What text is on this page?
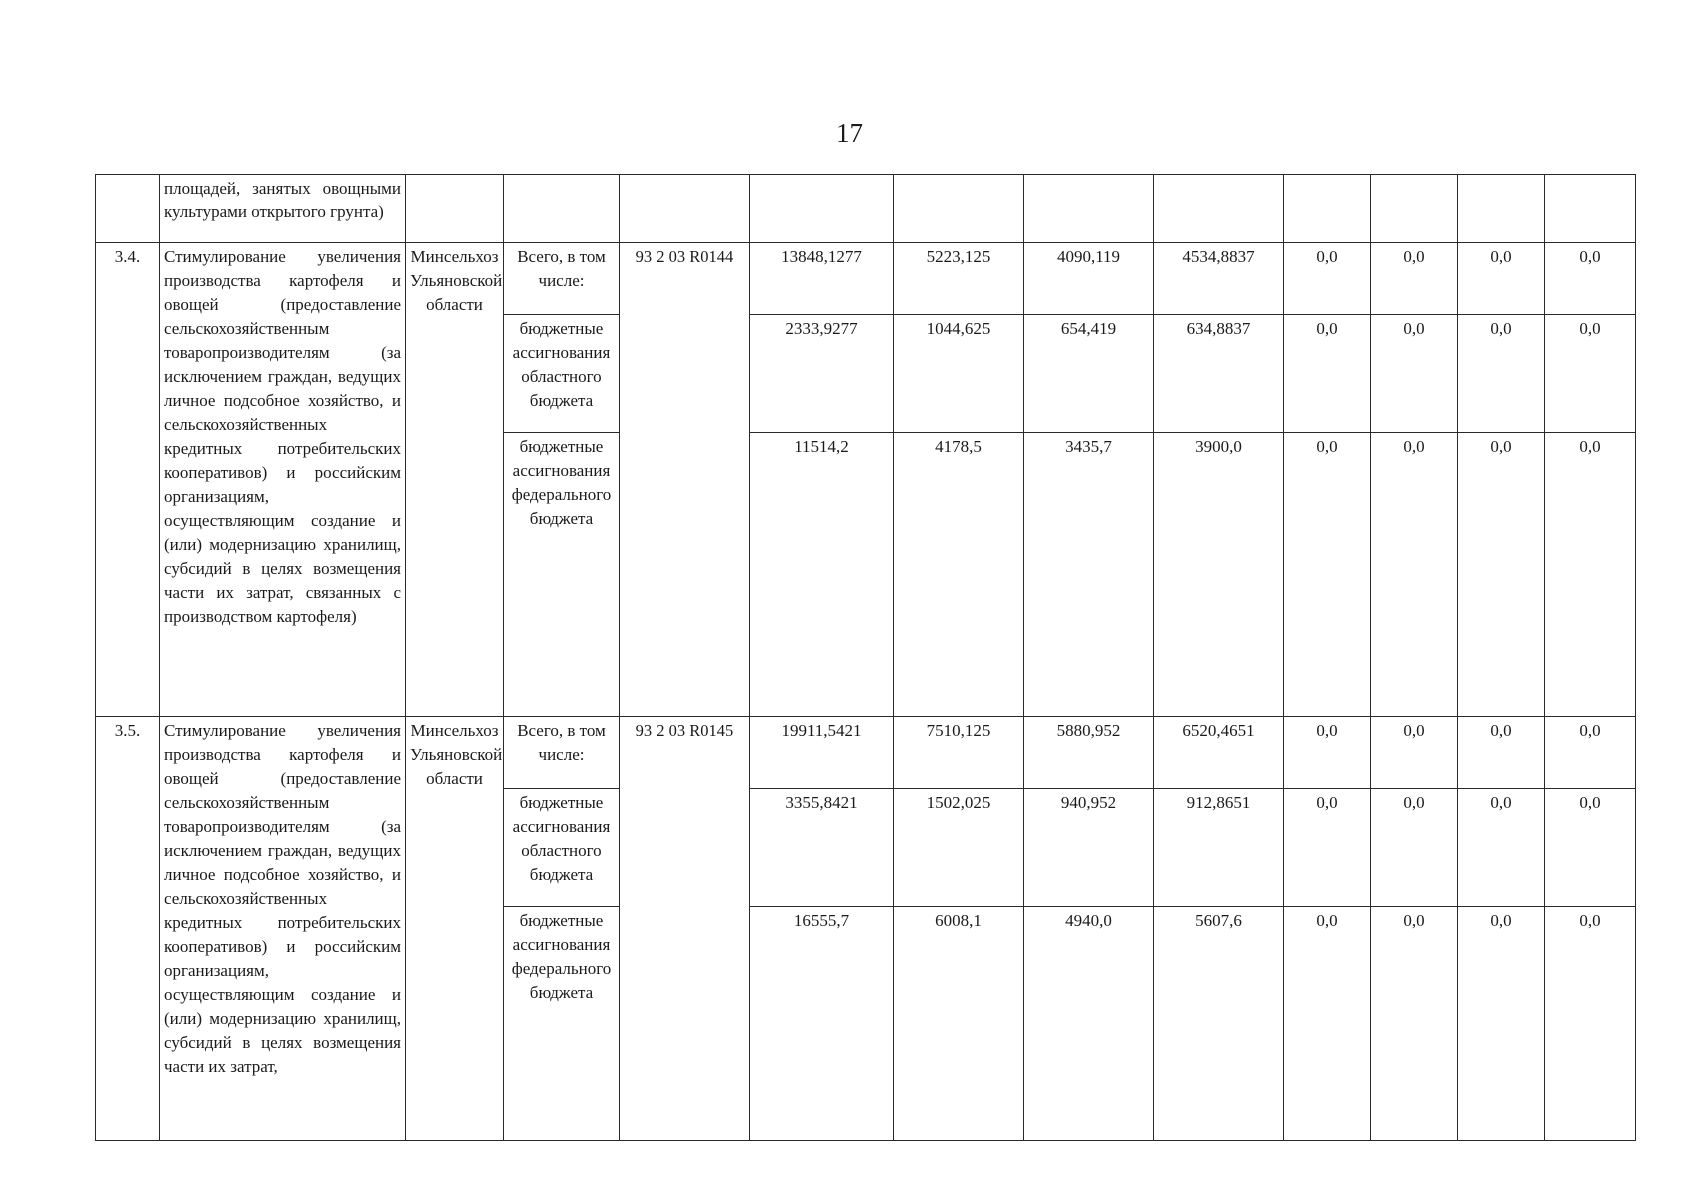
17
	площадей, занятых овощными культурами открытого грунта)											
3.4.	Стимулирование увеличения производства картофеля и овощей (предоставление сельскохозяйственным товаропроизводителям (за исключением граждан, ведущих личное подсобное хозяйство, и сельскохозяйственных кредитных потребительских кооперативов) и российским организациям, осуществляющим создание и (или) модернизацию хранилищ, субсидий в целях возмещения части их затрат, связанных с производством картофеля)	Минсельхоз Ульяновской области	Всего, в том числе:	93 2 03 R0144	13848,1277	5223,125	4090,119	4534,8837	0,0	0,0	0,0	0,0
			бюджетные ассигнования областного бюджета		2333,9277	1044,625	654,419	634,8837	0,0	0,0	0,0	0,0
			бюджетные ассигнования федерального бюджета		11514,2	4178,5	3435,7	3900,0	0,0	0,0	0,0	0,0
3.5.	Стимулирование увеличения производства картофеля и овощей (предоставление сельскохозяйственным товаропроизводителям (за исключением граждан, ведущих личное подсобное хозяйство, и сельскохозяйственных кредитных потребительских кооперативов) и российским организациям, осуществляющим создание и (или) модернизацию хранилищ, субсидий в целях возмещения части их затрат,	Минсельхоз Ульяновской области	Всего, в том числе:	93 2 03 R0145	19911,5421	7510,125	5880,952	6520,4651	0,0	0,0	0,0	0,0
			бюджетные ассигнования областного бюджета		3355,8421	1502,025	940,952	912,8651	0,0	0,0	0,0	0,0
			бюджетные ассигнования федерального бюджета		16555,7	6008,1	4940,0	5607,6	0,0	0,0	0,0	0,0
